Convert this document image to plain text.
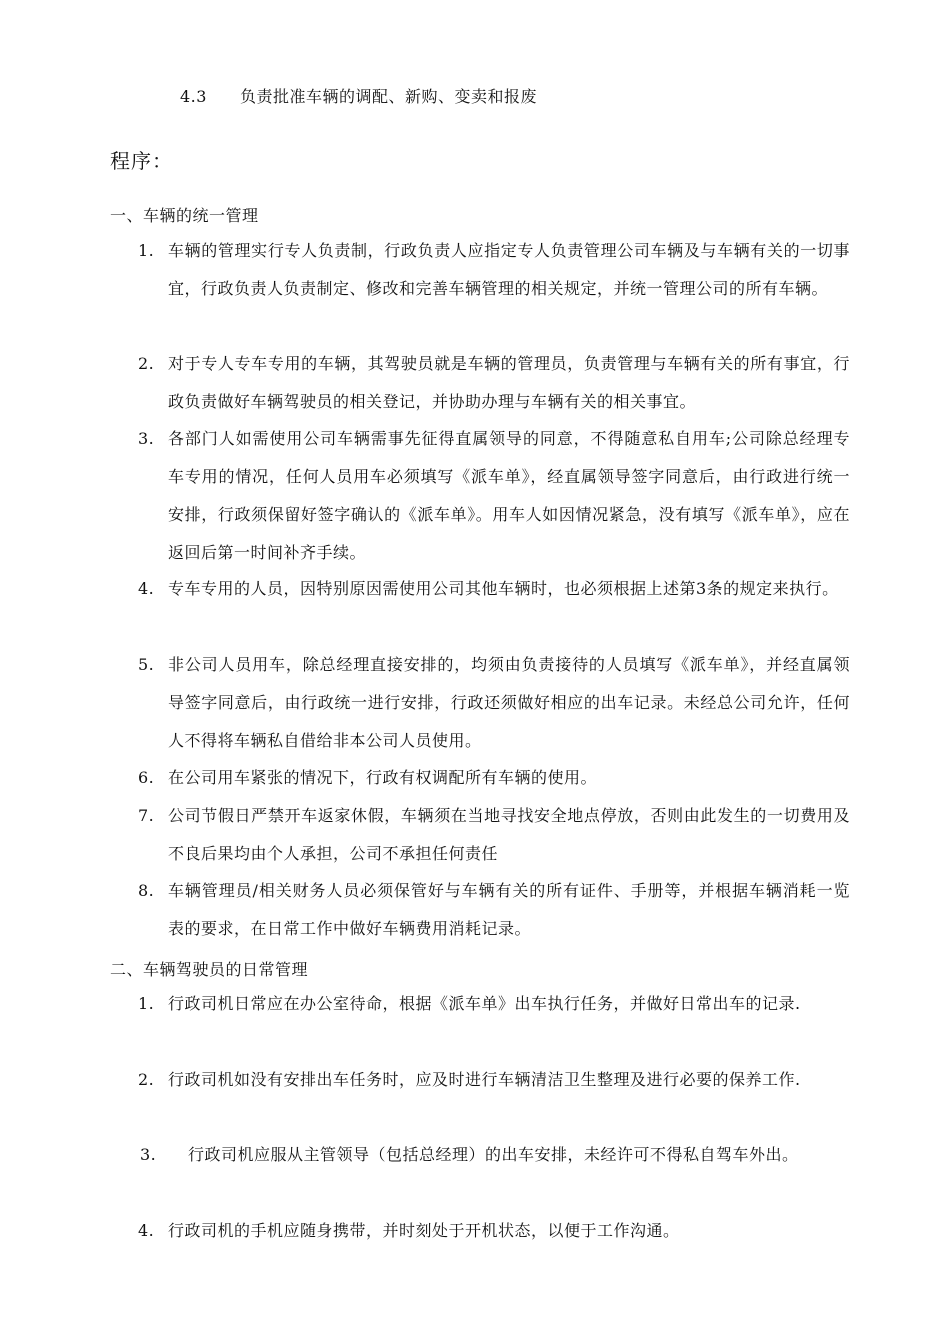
4.3 负责批准车辆的调配、新购、变卖和报废
程序：
一、车辆的统一管理
1. 车辆的管理实行专人负责制，行政负责人应指定专人负责管理公司车辆及与车辆有关的一切事宜，行政负责人负责制定、修改和完善车辆管理的相关规定，并统一管理公司的所有车辆。
2. 对于专人专车专用的车辆，其驾驶员就是车辆的管理员，负责管理与车辆有关的所有事宜，行政负责做好车辆驾驶员的相关登记，并协助办理与车辆有关的相关事宜。
3. 各部门人如需使用公司车辆需事先征得直属领导的同意，不得随意私自用车;公司除总经理专车专用的情况，任何人员用车必须填写《派车单》，经直属领导签字同意后，由行政进行统一安排，行政须保留好签字确认的《派车单》。用车人如因情况紧急，没有填写《派车单》，应在返回后第一时间补齐手续。
4. 专车专用的人员，因特别原因需使用公司其他车辆时，也必须根据上述第3条的规定来执行。
5. 非公司人员用车，除总经理直接安排的，均须由负责接待的人员填写《派车单》，并经直属领导签字同意后，由行政统一进行安排，行政还须做好相应的出车记录。未经总公司允许，任何人不得将车辆私自借给非本公司人员使用。
6. 在公司用车紧张的情况下，行政有权调配所有车辆的使用。
7. 公司节假日严禁开车返家休假，车辆须在当地寻找安全地点停放，否则由此发生的一切费用及不良后果均由个人承担，公司不承担任何责任
8. 车辆管理员/相关财务人员必须保管好与车辆有关的所有证件、手册等，并根据车辆消耗一览表的要求，在日常工作中做好车辆费用消耗记录。
二、车辆驾驶员的日常管理
1. 行政司机日常应在办公室待命，根据《派车单》出车执行任务，并做好日常出车的记录.
2. 行政司机如没有安排出车任务时，应及时进行车辆清洁卫生整理及进行必要的保养工作.
3.	行政司机应服从主管领导（包括总经理）的出车安排，未经许可不得私自驾车外出。
4. 行政司机的手机应随身携带，并时刻处于开机状态，以便于工作沟通。
